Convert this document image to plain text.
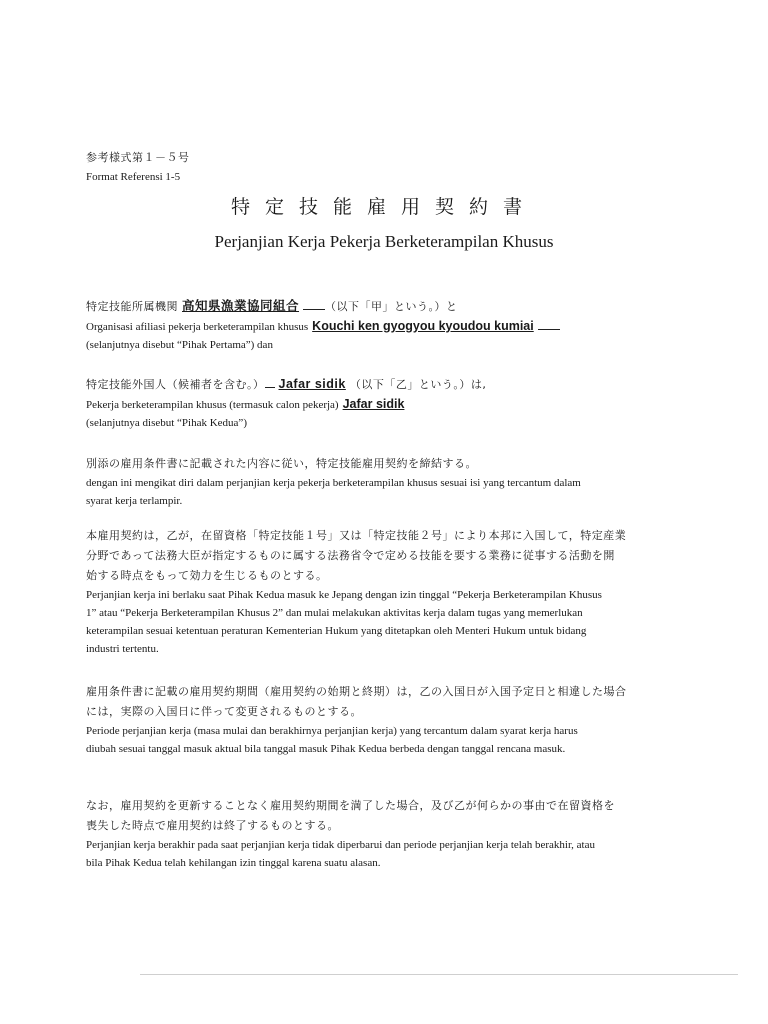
参考様式第１－５号
Format Referensi 1-5
特定技能雇用契約書
Perjanjian Kerja Pekerja Berketerampilan Khusus
特定技能所属機関 高知県漁業協同組合 （以下「甲」という。）と
Organisasi afiliasi pekerja berketerampilan khusus Kouchi ken gyogyou kyoudou kumiai
(selanjutnya disebut “Pihak Pertama”) dan
特定技能外国人（候補者を含む。） Jafar sidik （以下「乙」という。）は,
Pekerja berketerampilan khusus (termasuk calon pekerja) Jafar sidik
(selanjutnya disebut “Pihak Kedua”)
別添の雇用条件書に記載された内容に従い，特定技能雇用契約を締結する。
dengan ini mengikat diri dalam perjanjian kerja pekerja berketerampilan khusus sesuai isi yang tercantum dalam
syarat kerja terlampir.
本雇用契約は，乙が，在留資格「特定技能１号」又は「特定技能２号」により本邦に入国して，特定産業
分野であって法務大臣が指定するものに属する法務省令で定める技能を要する業務に従事する活動を開
始する時点をもって効力を生じるものとする。
Perjanjian kerja ini berlaku saat Pihak Kedua masuk ke Jepang dengan izin tinggal “Pekerja Berketerampilan Khusus
1” atau “Pekerja Berketerampilan Khusus 2” dan mulai melakukan aktivitas kerja dalam tugas yang memerlukan
keterampilan sesuai ketentuan peraturan Kementerian Hukum yang ditetapkan oleh Menteri Hukum untuk bidang
industri tertentu.
雇用条件書に記載の雇用契約期間（雇用契約の始期と終期）は，乙の入国日が入国予定日と相違した場合
には，実際の入国日に伴って変更されるものとする。
Periode perjanjian kerja (masa mulai dan berakhirnya perjanjian kerja) yang tercantum dalam syarat kerja harus
diubah sesuai tanggal masuk aktual bila tanggal masuk Pihak Kedua berbeda dengan tanggal rencana masuk.
なお，雇用契約を更新することなく雇用契約期間を満了した場合，及び乙が何らかの事由で在留資格を
喪失した時点で雇用契約は終了するものとする。
Perjanjian kerja berakhir pada saat perjanjian kerja tidak diperbarui dan periode perjanjian kerja telah berakhir, atau
bila Pihak Kedua telah kehilangan izin tinggal karena suatu alasan.
